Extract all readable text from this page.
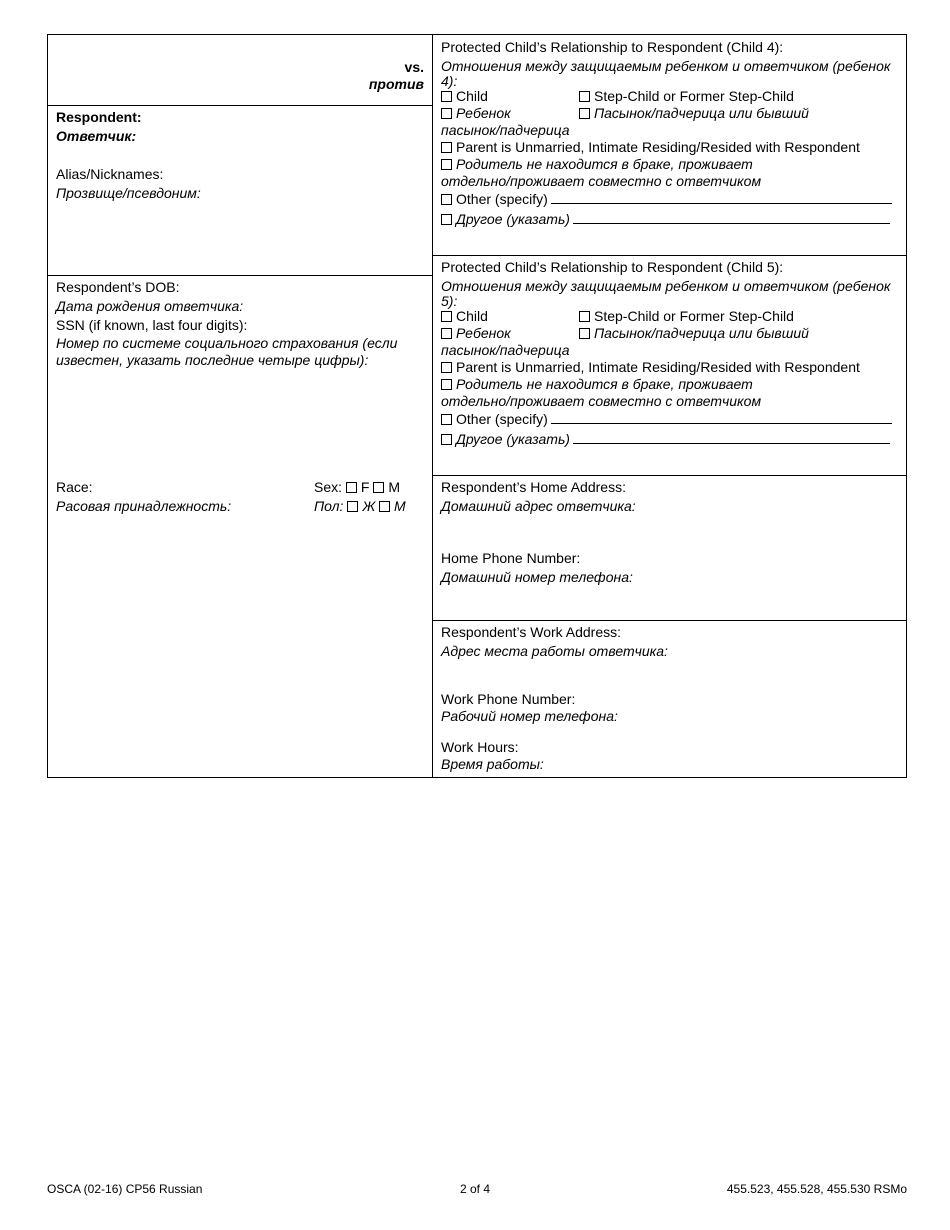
vs.
против
Respondent:
Ответчик:
Alias/Nicknames:
Прозвище/псевдоним:
Respondent’s DOB:
Дата рождения ответчика:
SSN (if known, last four digits):
Номер по системе социального страхования (если
известен, указать последние четыре цифры):
Race:	Sex: F M
Расовая принадлежность:	Пол: Ж М
Protected Child’s Relationship to Respondent (Child 4):
Отношения между защищаемым ребенком и ответчиком (ребенок
4):
Child	Step-Child or Former Step-Child
Ребенок	Пасынок/падчерица или бывший
пасынок/падчерица
Parent is Unmarried, Intimate Residing/Resided with Respondent
Родитель не находится в браке, проживает
отдельно/проживает совместно с ответчиком
Other (specify)
Другое (указать)
Protected Child’s Relationship to Respondent (Child 5):
Отношения между защищаемым ребенком и ответчиком (ребенок
5):
Child	Step-Child or Former Step-Child
Ребенок	Пасынок/падчерица или бывший
пасынок/падчерица
Parent is Unmarried, Intimate Residing/Resided with Respondent
Родитель не находится в браке, проживает
отдельно/проживает совместно с ответчиком
Other (specify)
Другое (указать)
Respondent’s Home Address:
Домашний адрес ответчика:
Home Phone Number:
Домашний номер телефона:
Respondent’s Work Address:
Адрес места работы ответчика:
Work Phone Number:
Рабочий номер телефона:
Work Hours:
Время работы:
OSCA (02-16) CP56 Russian	2 of 4	455.523, 455.528, 455.530 RSMo
